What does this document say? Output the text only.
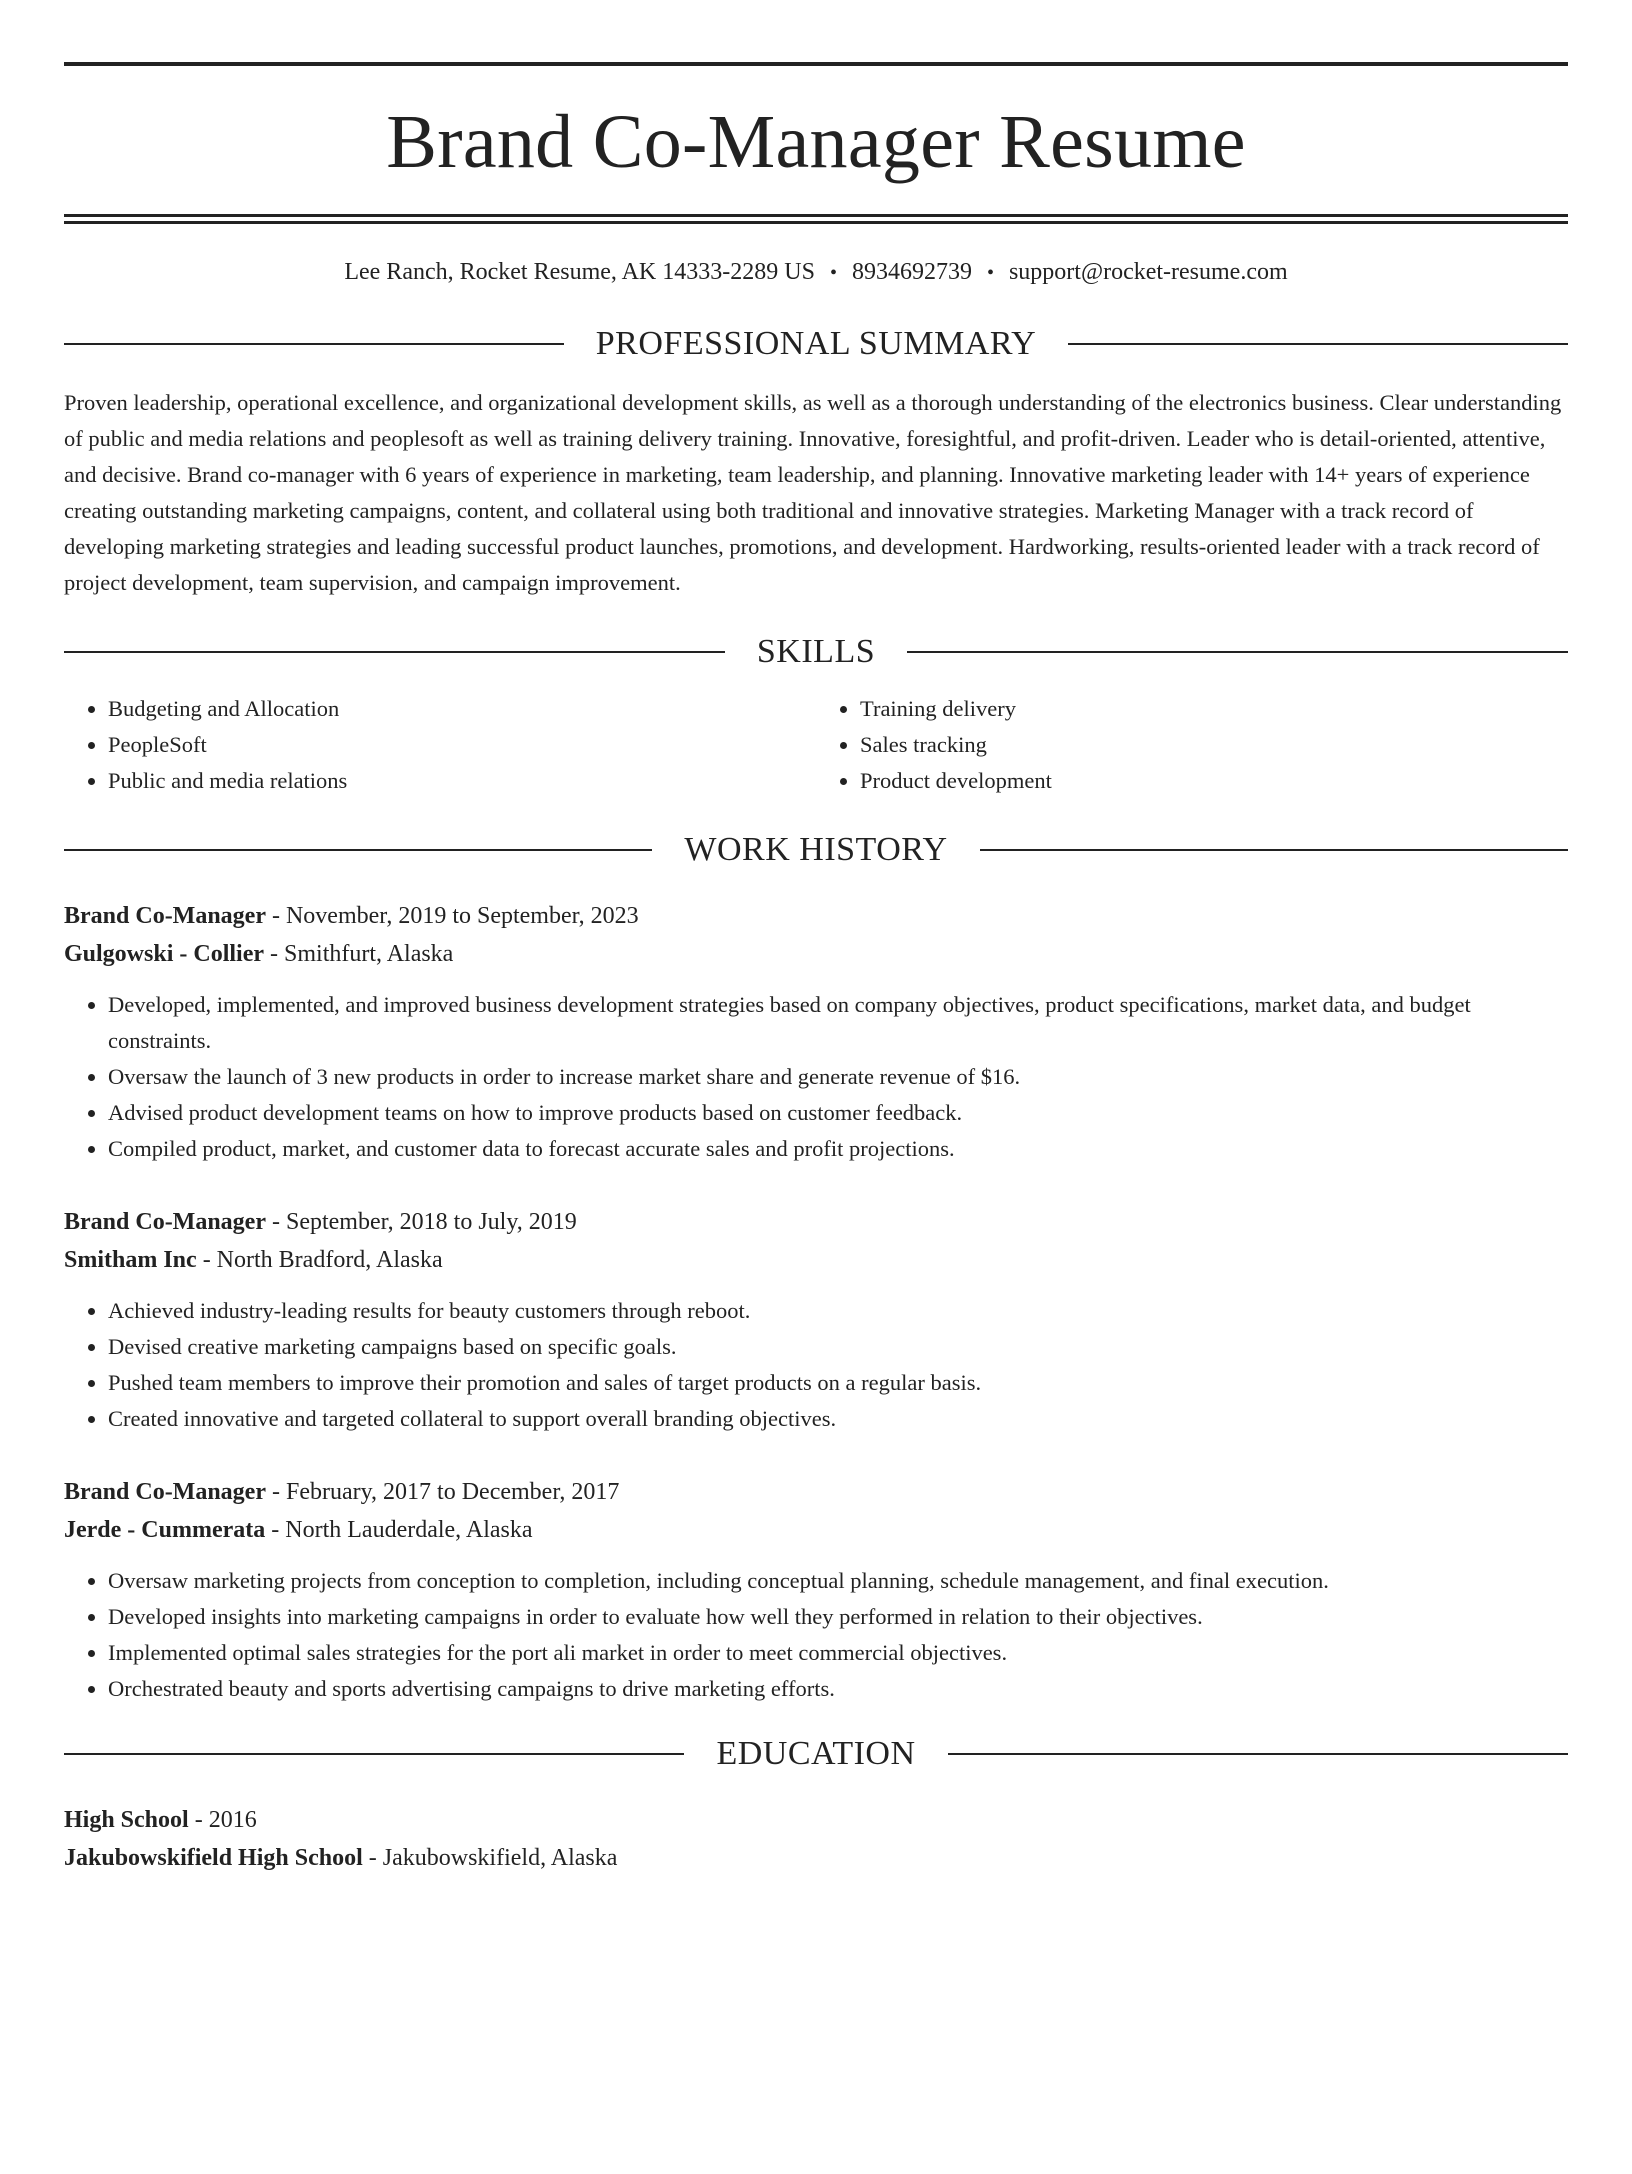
Brand Co-Manager Resume
Lee Ranch, Rocket Resume, AK 14333-2289 US • 8934692739 • support@rocket-resume.com
PROFESSIONAL SUMMARY

Proven leadership, operational excellence, and organizational development skills, as well as a thorough understanding of the electronics business. Clear understanding of public and media relations and peoplesoft as well as training delivery training. Innovative, foresightful, and profit-driven. Leader who is detail-oriented, attentive, and decisive. Brand co-manager with 6 years of experience in marketing, team leadership, and planning. Innovative marketing leader with 14+ years of experience creating outstanding marketing campaigns, content, and collateral using both traditional and innovative strategies. Marketing Manager with a track record of developing marketing strategies and leading successful product launches, promotions, and development. Hardworking, results-oriented leader with a track record of project development, team supervision, and campaign improvement.

SKILLS
• Budgeting and Allocation
• PeopleSoft
• Public and media relations
• Training delivery
• Sales tracking
• Product development
WORK HISTORY
Brand Co-Manager - November, 2019 to September, 2023
Gulgowski - Collier - Smithfurt, Alaska
• Developed, implemented, and improved business development strategies based on company objectives, product specifications, market data, and budget constraints.
• Oversaw the launch of 3 new products in order to increase market share and generate revenue of $16.
• Advised product development teams on how to improve products based on customer feedback.
• Compiled product, market, and customer data to forecast accurate sales and profit projections.
Brand Co-Manager - September, 2018 to July, 2019
Smitham Inc - North Bradford, Alaska
• Achieved industry-leading results for beauty customers through reboot.
• Devised creative marketing campaigns based on specific goals.
• Pushed team members to improve their promotion and sales of target products on a regular basis.
• Created innovative and targeted collateral to support overall branding objectives.
Brand Co-Manager - February, 2017 to December, 2017
Jerde - Cummerata - North Lauderdale, Alaska
• Oversaw marketing projects from conception to completion, including conceptual planning, schedule management, and final execution.
• Developed insights into marketing campaigns in order to evaluate how well they performed in relation to their objectives.
• Implemented optimal sales strategies for the port ali market in order to meet commercial objectives.
• Orchestrated beauty and sports advertising campaigns to drive marketing efforts.
EDUCATION
High School - 2016
Jakubowskifield High School - Jakubowskifield, Alaska
